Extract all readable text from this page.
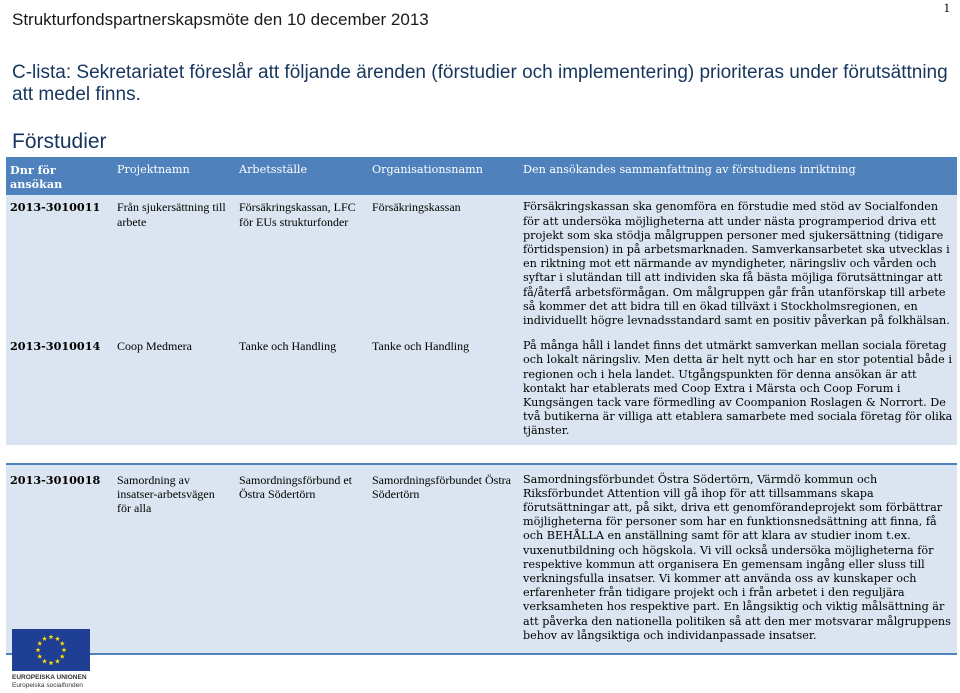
Strukturfondspartnerskapsmöte den 10 december 2013
1
C-lista: Sekretariatet föreslår att följande ärenden (förstudier och implementering) prioriteras under förutsättning att medel finns.
Förstudier
Dnr för ansökan	Projektnamn	Arbetsställe	Organisationsnamn	Den ansökandes sammanfattning av förstudiens inriktning
2013-3010011	Från sjukersättning till arbete	Försäkringskassan, LFC för EUs strukturfonder	Försäkringskassan	Försäkringskassan ska genomföra en förstudie med stöd av Socialfonden för att undersöka möjligheterna att under nästa programperiod driva ett projekt som ska stödja målgruppen personer med sjukersättning (tidigare förtidspension) in på arbetsmarknaden. Samverkansarbetet ska utvecklas i en riktning mot ett närmande av myndigheter, näringsliv och vården och syftar i slutändan till att individen ska få bästa möjliga förutsättningar att få/återfå arbetsförmågan. Om målgruppen går från utanförskap till arbete så kommer det att bidra till en ökad tillväxt i Stockholmsregionen, en individuellt högre levnadsstandard samt en positiv påverkan på folkhälsan.
2013-3010014	Coop Medmera	Tanke och Handling	Tanke och Handling	På många håll i landet finns det utmärkt samverkan mellan sociala företag och lokalt näringsliv. Men detta är helt nytt och har en stor potential både i regionen och i hela landet. Utgångspunkten för denna ansökan är att kontakt har etablerats med Coop Extra i Märsta och Coop Forum i Kungsängen tack vare förmedling av Coompanion Roslagen & Norrort. De två butikerna är villiga att etablera samarbete med sociala företag för olika tjänster.

2013-3010018	Samordning av insatser-arbetsvägen för alla	Samordningsförbund et Östra Södertörn	Samordningsförbundet Östra Södertörn	Samordningsförbundet Östra Södertörn, Värmdö kommun och Riksförbundet Attention vill gå ihop för att tillsammans skapa förutsättningar att, på sikt, driva ett genomförandeprojekt som förbättrar möjligheterna för personer som har en funktionsnedsättning att finna, få och BEHÅLLA en anställning samt för att klara av studier inom t.ex. vuxenutbildning och högskola. Vi vill också undersöka möjligheterna för respektive kommun att organisera En gemensam ingång eller sluss till verkningsfulla insatser. Vi kommer att använda oss av kunskaper och erfarenheter från tidigare projekt och i från arbetet i den reguljära verksamheten hos respektive part. En långsiktig och viktig målsättning är att påverka den nationella politiken så att den mer motsvarar målgruppens behov av långsiktiga och individanpassade insatser.

EUROPEISKA UNIONEN
Europeiska socialfonden
